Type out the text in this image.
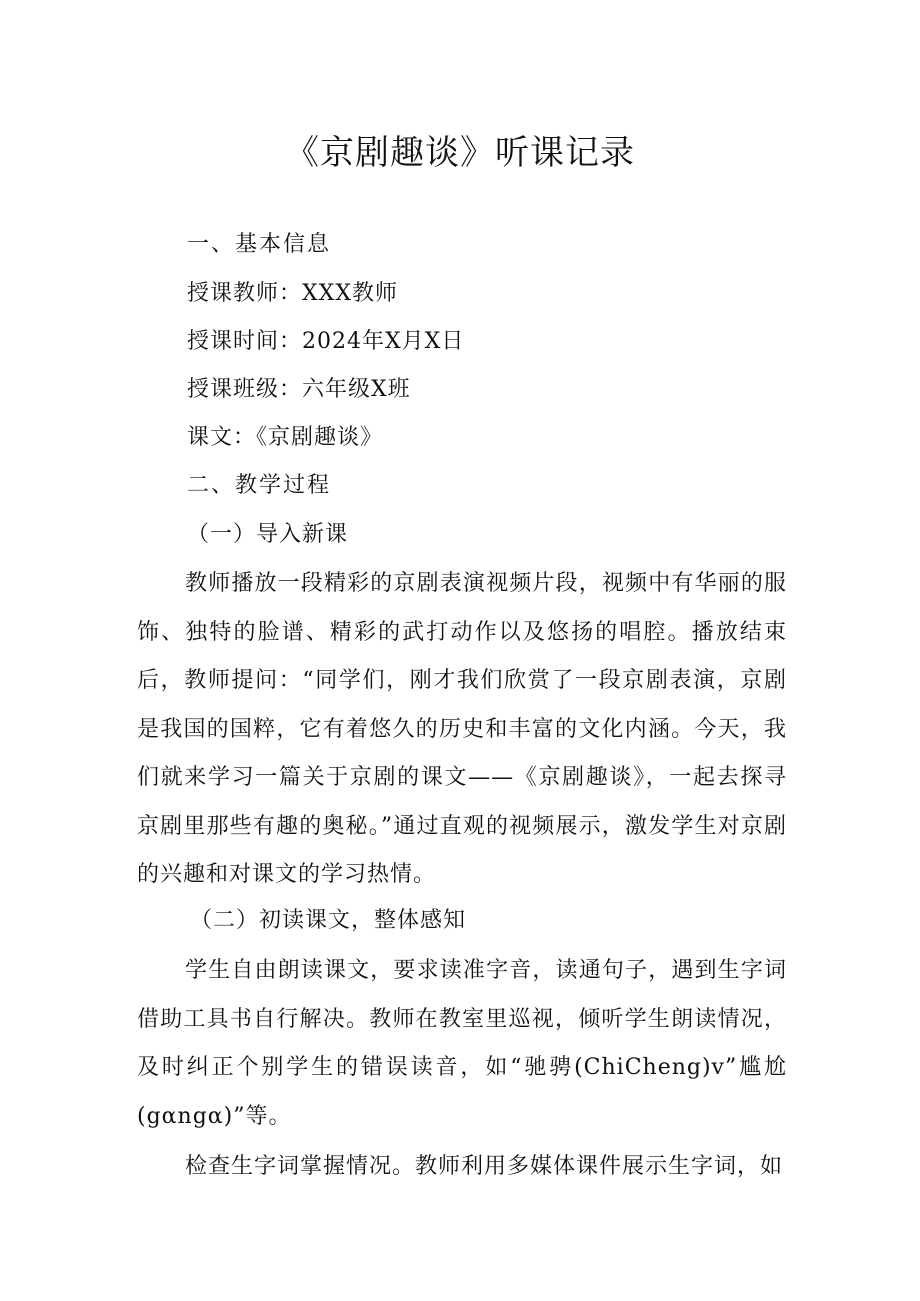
《京剧趣谈》听课记录

一、基本信息

授课教师：XXX教师

授课时间：2024年X月X日

授课班级：六年级X班

课文：《京剧趣谈》

二、教学过程

（一）导入新课

教师播放一段精彩的京剧表演视频片段，视频中有华丽的服饰、独特的脸谱、精彩的武打动作以及悠扬的唱腔。播放结束后，教师提问：“同学们，刚才我们欣赏了一段京剧表演，京剧是我国的国粹，它有着悠久的历史和丰富的文化内涵。今天，我们就来学习一篇关于京剧的课文——《京剧趣谈》，一起去探寻京剧里那些有趣的奥秘。”通过直观的视频展示，激发学生对京剧的兴趣和对课文的学习热情。

（二）初读课文，整体感知

学生自由朗读课文，要求读准字音，读通句子，遇到生字词借助工具书自行解决。教师在教室里巡视，倾听学生朗读情况，及时纠正个别学生的错误读音，如“驰骋(ChiCheng)v”尴尬(gαngα)”等。

检查生字词掌握情况。教师利用多媒体课件展示生字词，如
